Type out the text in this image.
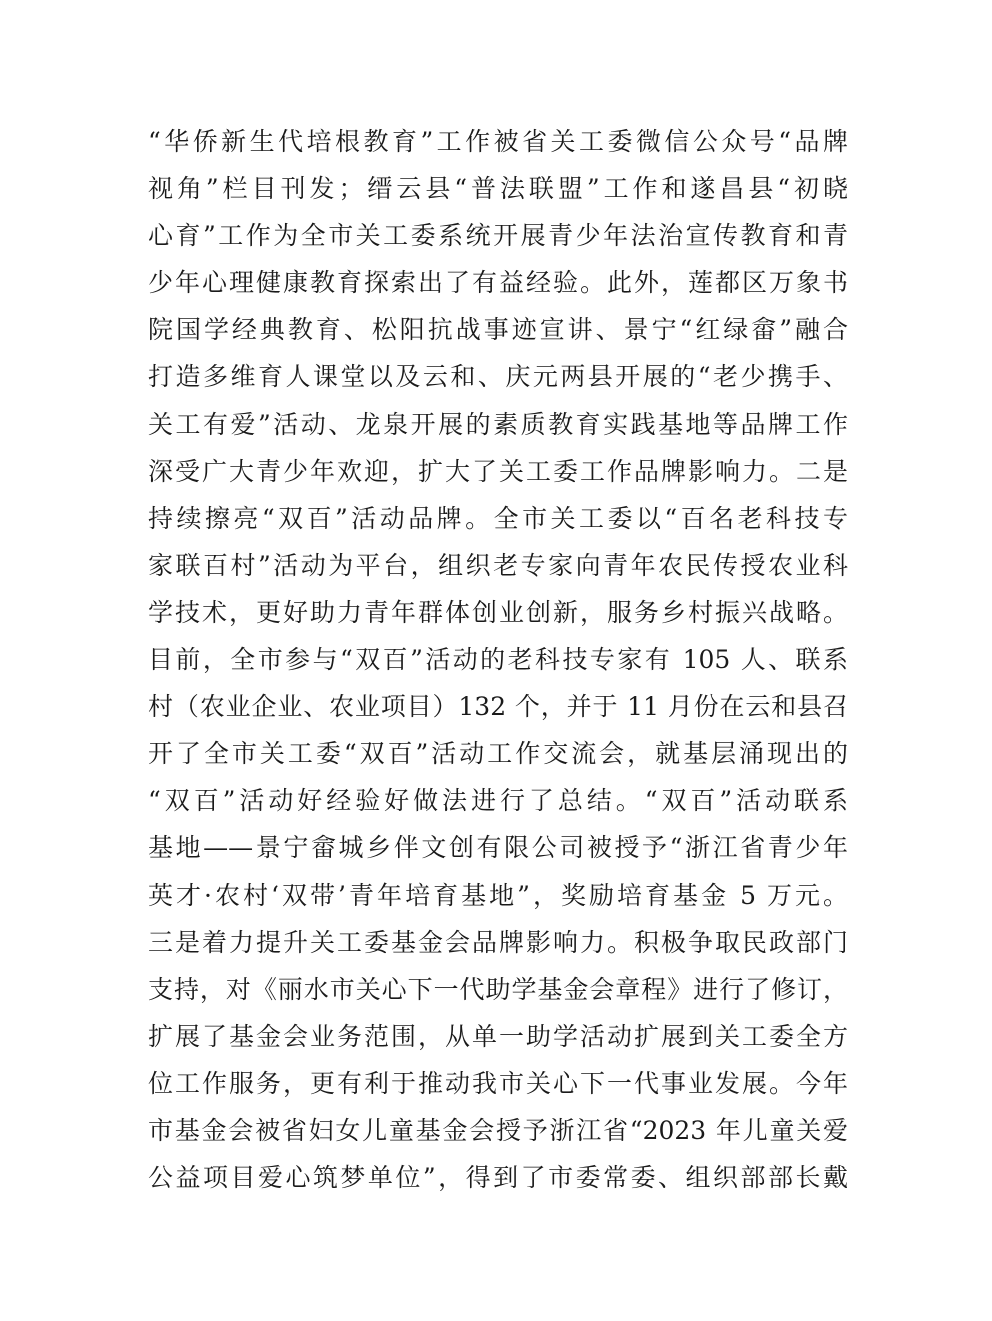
“华侨新生代培根教育”工作被省关工委微信公众号“品牌
视角”栏目刊发；缙云县“普法联盟”工作和遂昌县“初晓
心育”工作为全市关工委系统开展青少年法治宣传教育和青
少年心理健康教育探索出了有益经验。此外，莲都区万象书
院国学经典教育、松阳抗战事迹宣讲、景宁“红绿畲”融合
打造多维育人课堂以及云和、庆元两县开展的“老少携手、
关工有爱”活动、龙泉开展的素质教育实践基地等品牌工作
深受广大青少年欢迎，扩大了关工委工作品牌影响力。二是
持续擦亮“双百”活动品牌。全市关工委以“百名老科技专
家联百村”活动为平台，组织老专家向青年农民传授农业科
学技术，更好助力青年群体创业创新，服务乡村振兴战略。
目前，全市参与“双百”活动的老科技专家有 105 人、联系
村（农业企业、农业项目）132 个，并于 11 月份在云和县召
开了全市关工委“双百”活动工作交流会，就基层涌现出的
“双百”活动好经验好做法进行了总结。“双百”活动联系
基地——景宁畲城乡伴文创有限公司被授予“浙江省青少年
英才·农村‘双带’青年培育基地”，奖励培育基金 5 万元。
三是着力提升关工委基金会品牌影响力。积极争取民政部门
支持，对《丽水市关心下一代助学基金会章程》进行了修订，
扩展了基金会业务范围，从单一助学活动扩展到关工委全方
位工作服务，更有利于推动我市关心下一代事业发展。今年
市基金会被省妇女儿童基金会授予浙江省“2023 年儿童关爱
公益项目爱心筑梦单位”，得到了市委常委、组织部部长戴
